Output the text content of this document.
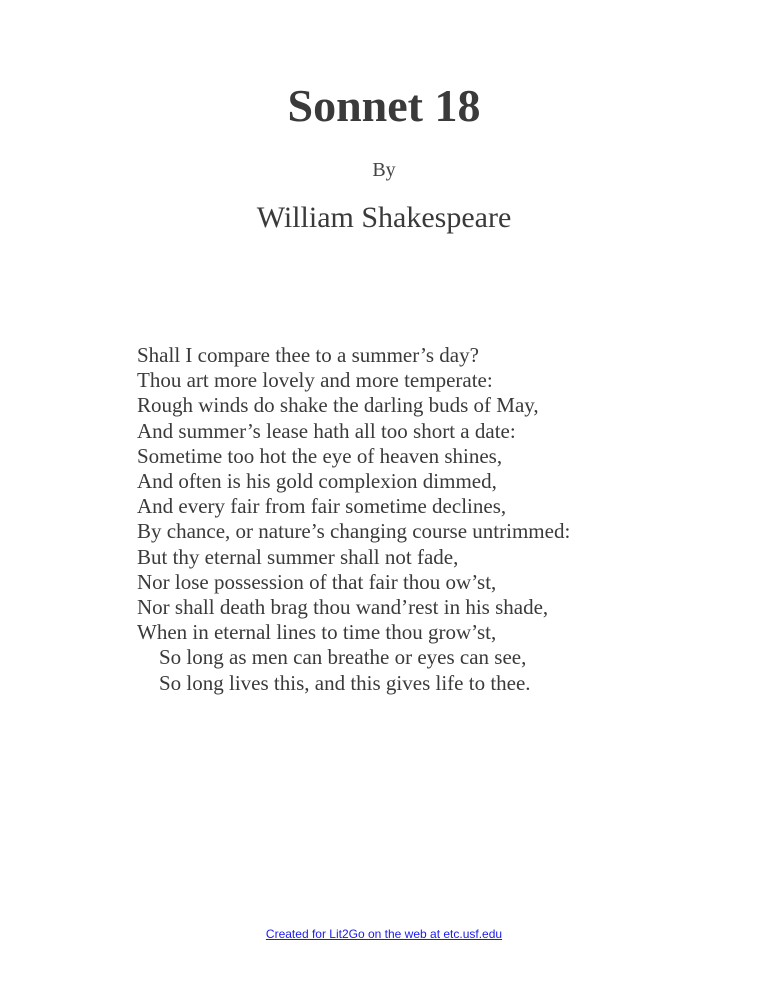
Sonnet 18
By
William Shakespeare
Shall I compare thee to a summer’s day?
Thou art more lovely and more temperate:
Rough winds do shake the darling buds of May,
And summer’s lease hath all too short a date:
Sometime too hot the eye of heaven shines,
And often is his gold complexion dimmed,
And every fair from fair sometime declines,
By chance, or nature’s changing course untrimmed:
But thy eternal summer shall not fade,
Nor lose possession of that fair thou ow’st,
Nor shall death brag thou wand’rest in his shade,
When in eternal lines to time thou grow’st,
So long as men can breathe or eyes can see,
So long lives this, and this gives life to thee.
Created for Lit2Go on the web at etc.usf.edu
